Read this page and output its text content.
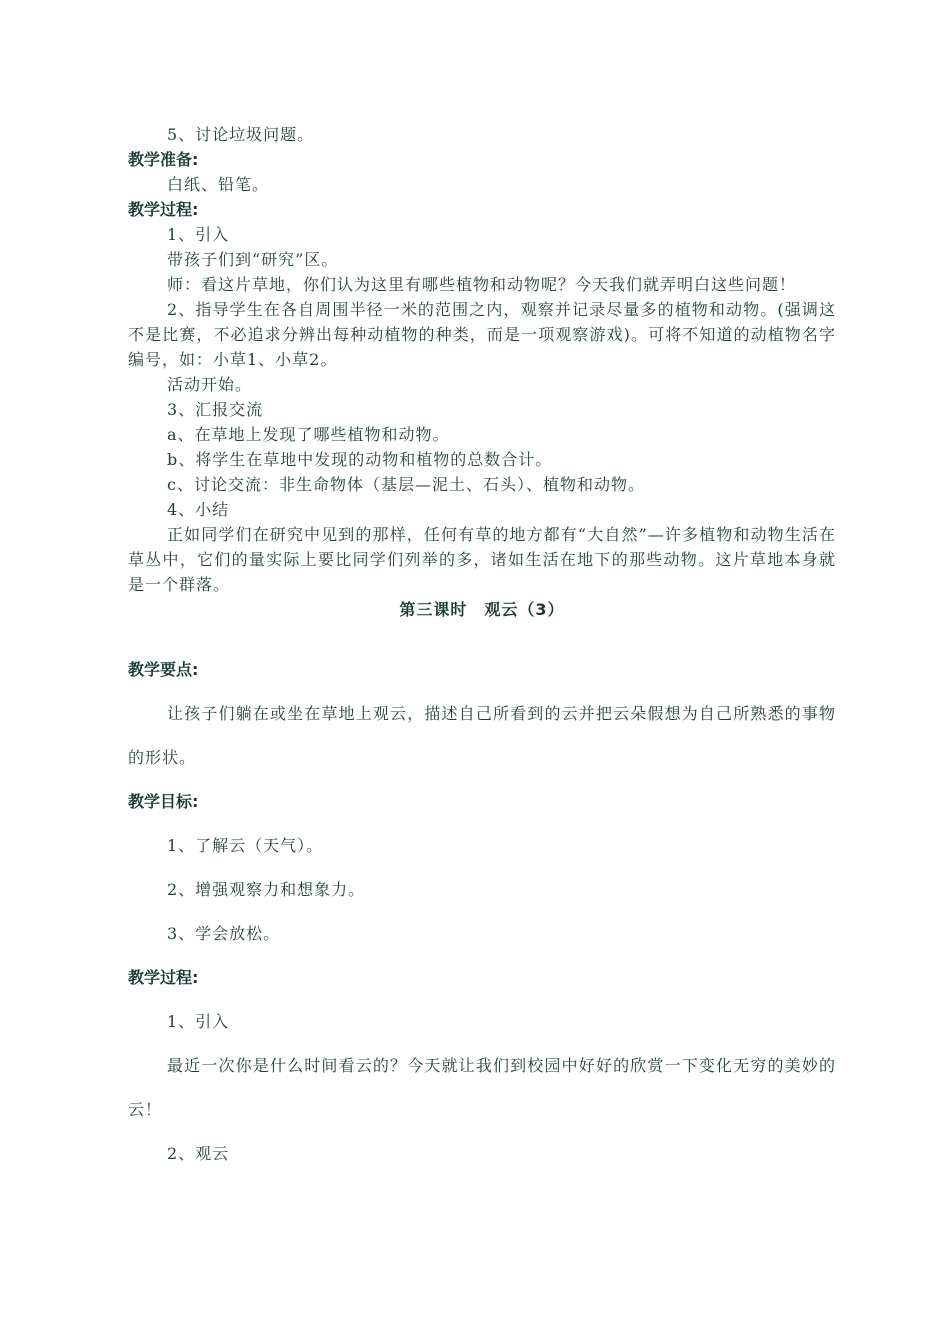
5、讨论垃圾问题。

教学准备:

白纸、铅笔。

教学过程:

1、引入

带孩子们到“研究”区。

师：看这片草地，你们认为这里有哪些植物和动物呢？今天我们就弄明白这些问题！

2、指导学生在各自周围半径一米的范围之内，观察并记录尽量多的植物和动物。(强调这不是比赛，不必追求分辨出每种动植物的种类，而是一项观察游戏)。可将不知道的动植物名字编号，如：小草1、小草2。

活动开始。

3、汇报交流

a、在草地上发现了哪些植物和动物。

b、将学生在草地中发现的动物和植物的总数合计。

c、讨论交流：非生命物体（基层—泥土、石头）、植物和动物。

4、小结

正如同学们在研究中见到的那样，任何有草的地方都有“大自然”—许多植物和动物生活在草丛中，它们的量实际上要比同学们列举的多，诸如生活在地下的那些动物。这片草地本身就是一个群落。

第三课时　观云（3）

教学要点:

让孩子们躺在或坐在草地上观云，描述自己所看到的云并把云朵假想为自己所熟悉的事物的形状。

教学目标:

1、了解云（天气）。

2、增强观察力和想象力。

3、学会放松。

教学过程:

1、引入

最近一次你是什么时间看云的？今天就让我们到校园中好好的欣赏一下变化无穷的美妙的云！

2、观云
